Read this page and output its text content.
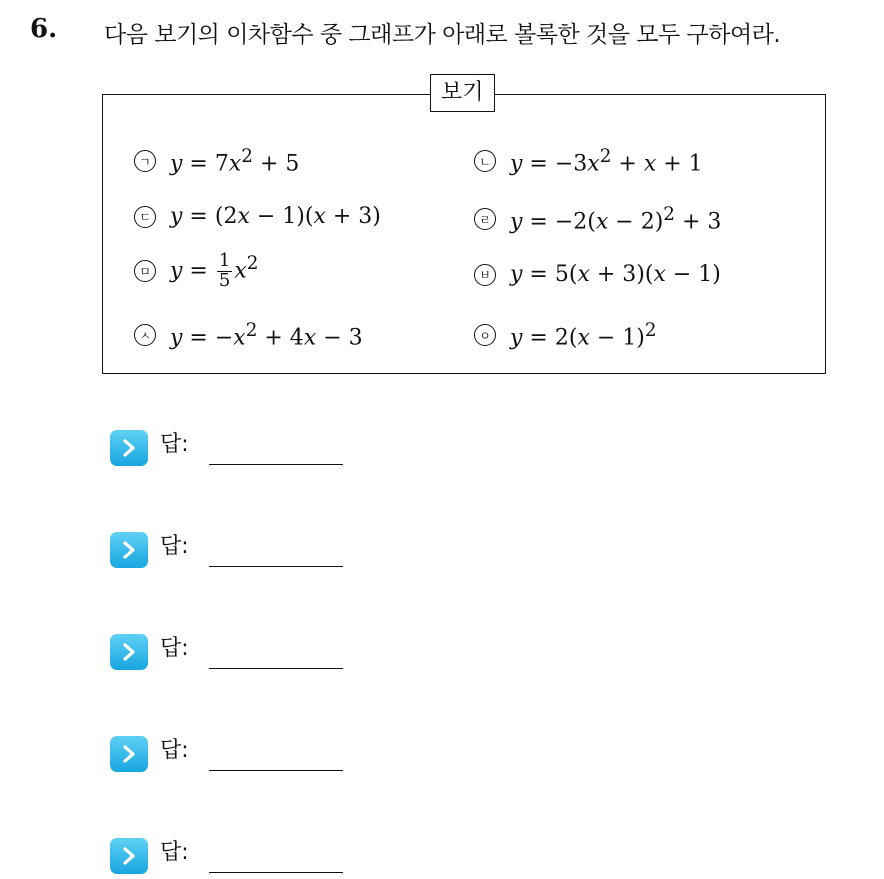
6. 다음 보기의 이차함수 중 그래프가 아래로 볼록한 것을 모두 구하여라.
보기
ㄱ $y = 7x^2 + 5$	ㄴ $y = -3x^2 + x + 1$
ㄷ y = (2x − 1)(x + 3)	ㄹ $y = -2(x - 2)^2 + 3$
ㅁ $y = \frac{1}{5} x^2$
ㅂ y = 5(x + 3)(x − 1)
ㅅ $y = -x^2 + 4x - 3$	ㅇ $y = 2(x - 1)^2$
답:
답:
답:
답:
답:
